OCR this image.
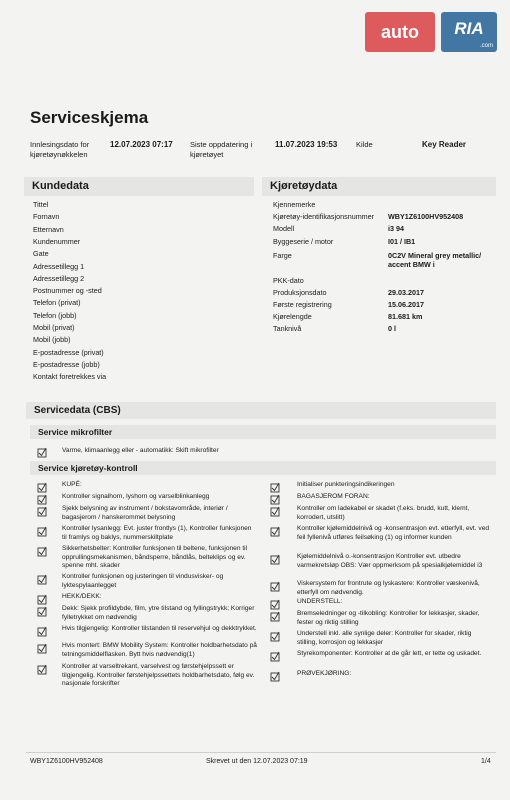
auto	RIA
.com
Serviceskjema
Innlesingsdato for kjøretøynøkkelen
12.07.2023 07:17 Siste oppdatering i kjøretøyet
11.07.2023 19:53 Kilde	Key Reader
Kundedata
Tittel
Fornavn
Etternavn
Kundenummer
Gate
Adressetillegg 1
Adressetillegg 2
Postnummer og -sted
Telefon (privat)
Telefon (jobb)
Mobil (privat)
Mobil (jobb)
E-postadresse (privat)
E-postadresse (jobb)
Kontakt foretrekkes via
Kjøretøydata
Kjennemerke
Kjøretøy-identifikasjonsnummer WBY1Z6100HV952408
Modell	i3 94
Byggeserie / motor	I01 / IB1
Farge	0C2V Mineral grey metallic/ accent BMW i
PKK-dato
Produksjonsdato	29.03.2017
Første registrering	15.06.2017
Kjørelengde	81.681 km
Tanknivå	0 l
Servicedata (CBS)
Service mikrofilter
Varme, klimaanlegg eller - automatikk: Skift mikrofilter
Service kjøretøy-kontroll
KUPÉ:
Kontroller signalhorn, lyshorn og varselblinkanlegg
Sjekk belysning av instrument / bokstavområde, interiør / bagasjerom / hanskerommet belysning
Kontroller lysanlegg: Evt. juster frontlys (1), Kontroller funksjonen til framlys og baklys, nummerskiltplate
Sikkerhetsbelter: Kontroller funksjonen til beltene, funksjonen til opprullingsmekanismen, båndsperre, båndlås, belteklips og ev. spenne mht. skader
Kontroller funksjonen og justeringen til vindusvisker- og lyktespylaanlegget
HEKK/DEKK:
Dekk: Sjekk profildybde, film, ytre tilstand og fyllingstrykk; Korriger fylletrykket om nødvendig
Hvis tilgjengelig: Kontroller tilstanden til reservehjul og dekktrykket.
Hvis montert: BMW Mobility System: Kontroller holdbarhetsdato på tetningsmiddelflasken. Bytt hvis nødvendig(1)
Kontroller at varseltrekant, varselvest og førstehjelpssett er tilgjengelig. Kontroller førstehjelpssettets holdbarhetsdato, følg ev. nasjonale forskrifter
Initialiser punkteringsindikeringen
BAGASJEROM FORAN:
Kontroller om ladekabel er skadet (f.eks. brudd, kutt, klemt, korrodert, utslitt)
Kontroller kjølemiddelnivå og -konsentrasjon evt. etterfyll, evt. ved feil fyllenivå utføres feilsøking (1) og informer kunden
Kjølemiddelnivå o.-konsentrasjon Kontroller evt. utbedre varmekretsløp OBS: Vær oppmerksom på spesialkjølemiddel i3
Viskersystem for frontrute og lyskastere: Kontroller væskenivå, etterfyll om nødvendig.
UNDERSTELL:
Bremseledninger og -tilkobling: Kontroller for lekkasjer, skader, fester og riktig stilling
Understell inkl. alle synlige deler: Kontroller for skader, riktig stilling, korrosjon og lekkasjer
Styrekomponenter: Kontroller at de går lett, er tette og uskadet.
PRØVEKJØRING:
WBY1Z6100HV952408	Skrevet ut den 12.07.2023 07:19	1/4
